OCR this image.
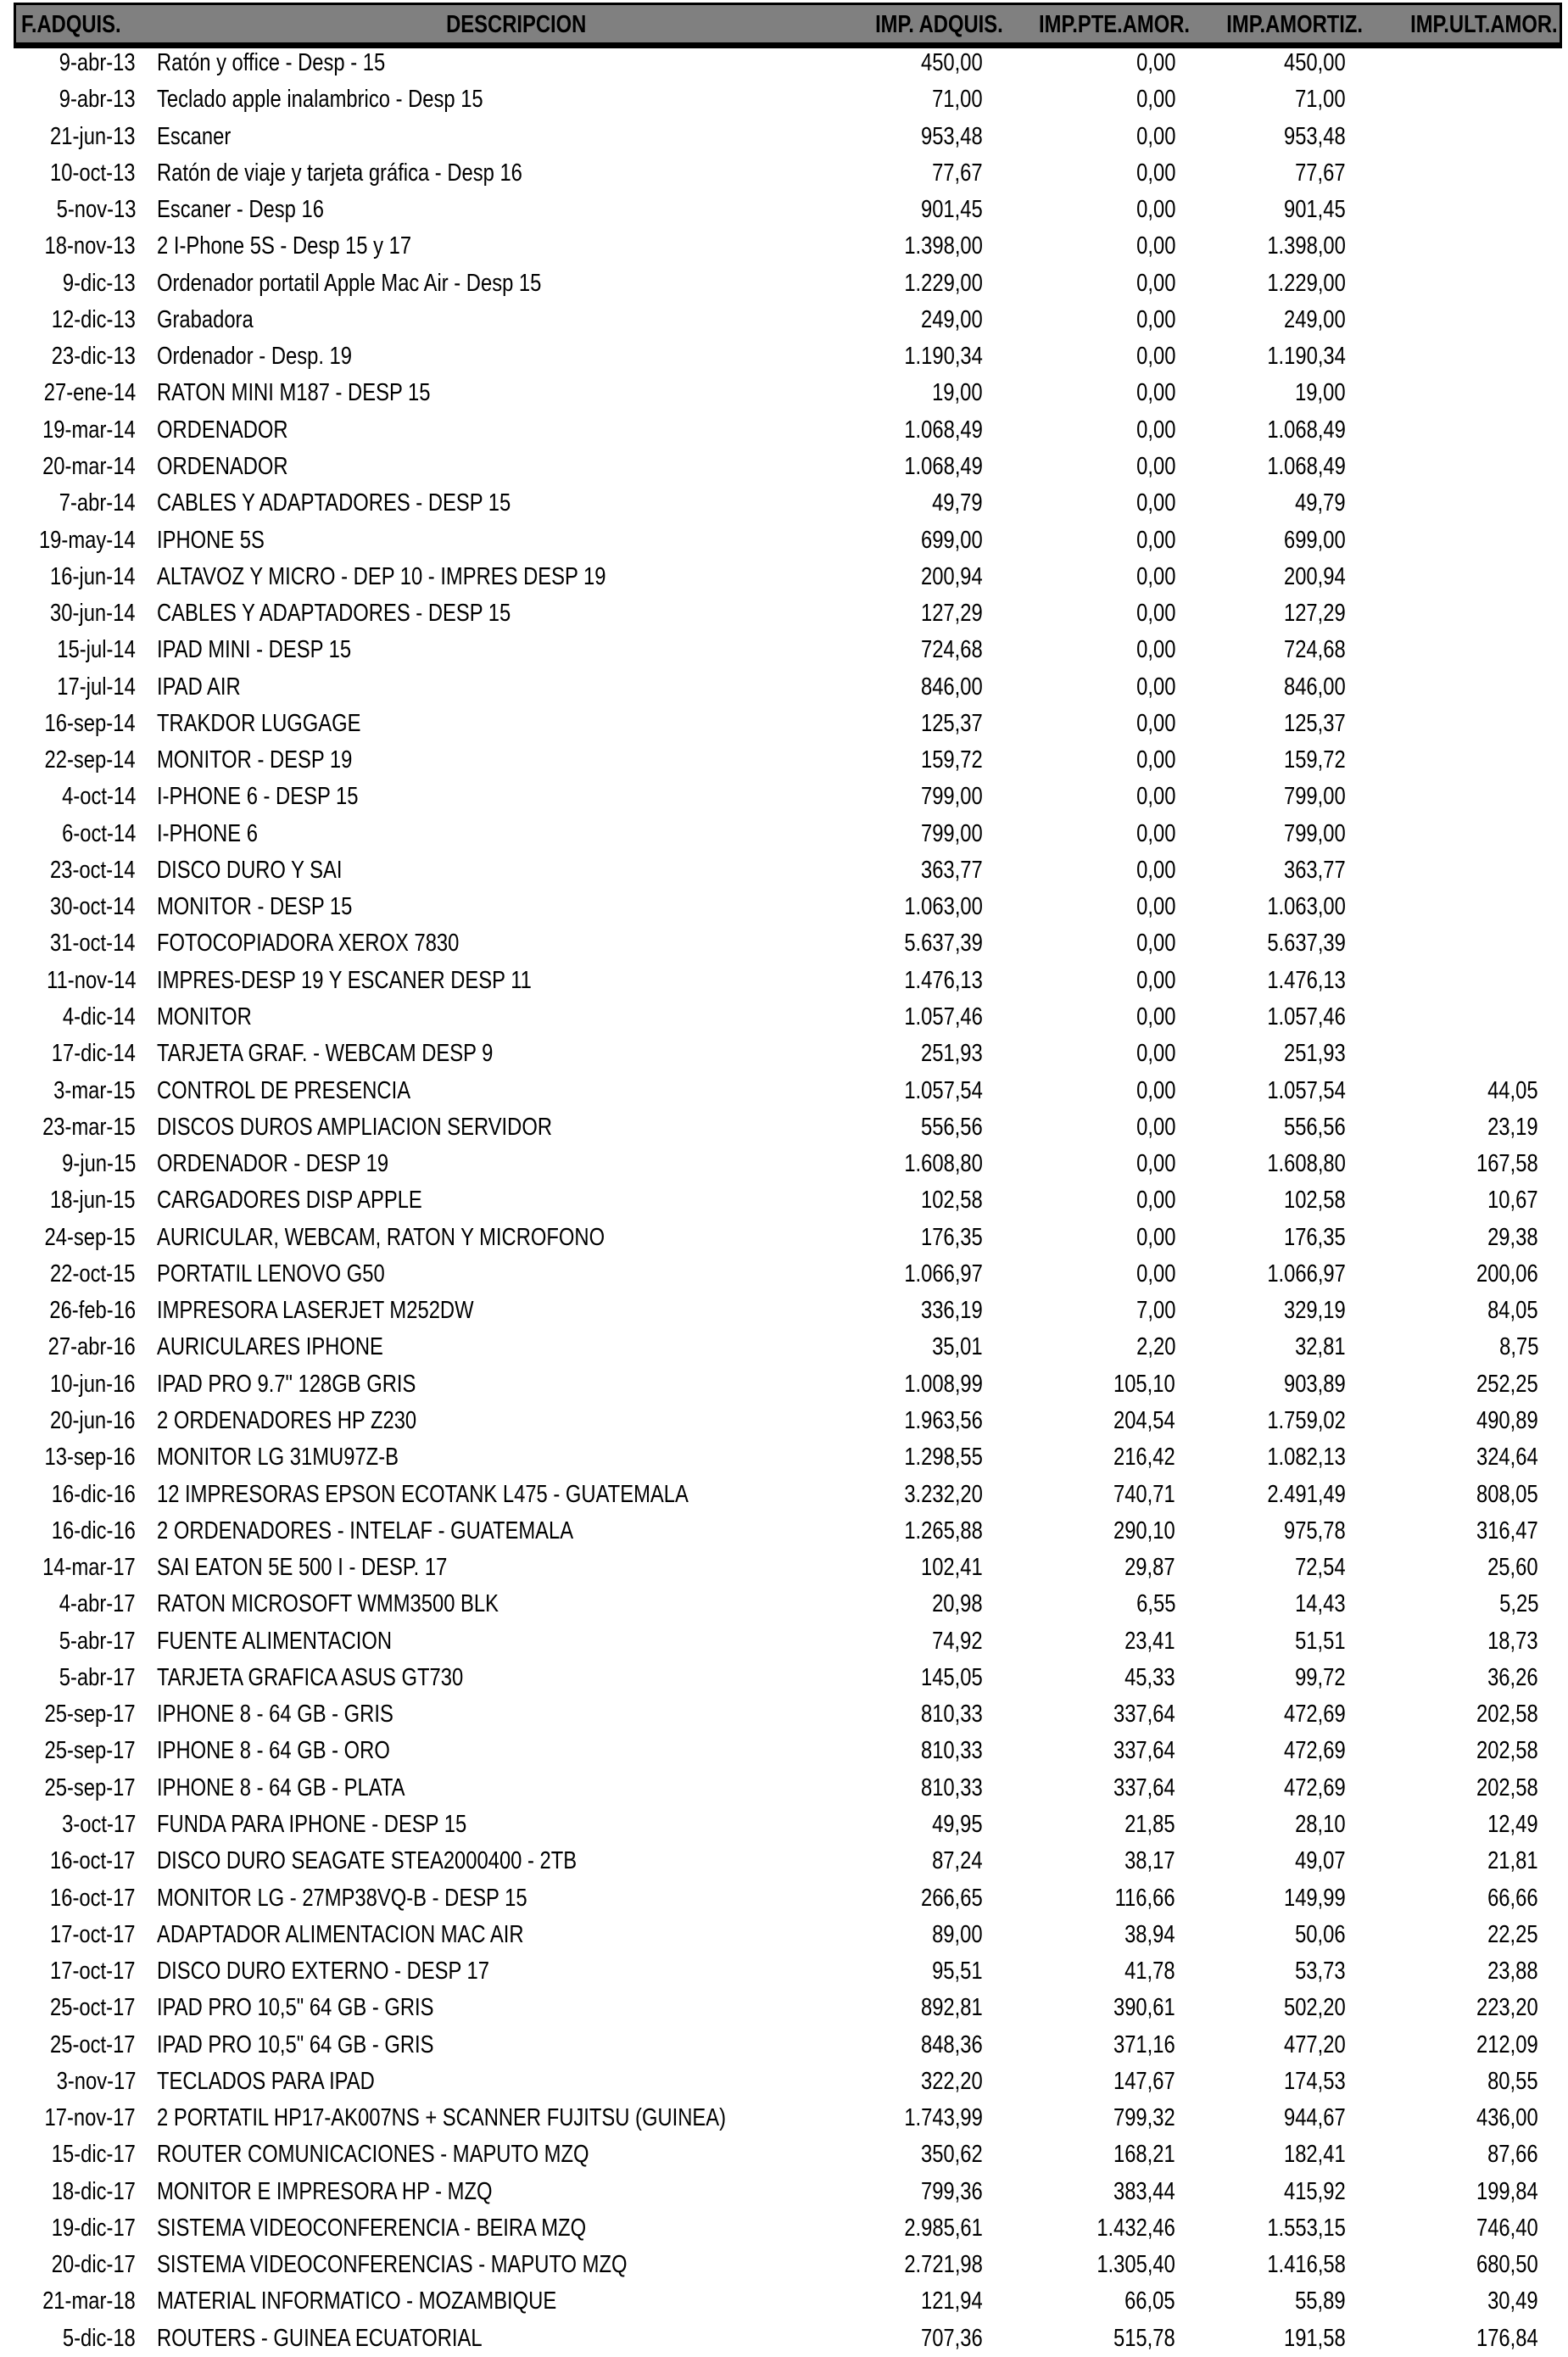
F.ADQUIS.	DESCRIPCION	IMP. ADQUIS.	IMP.PTE.AMOR.	IMP.AMORTIZ.	IMP.ULT.AMOR.
9-abr-13 Ratón y office - Desp - 15	450,00	0,00	450,00
9-abr-13 Teclado apple inalambrico - Desp 15	71,00	0,00	71,00
21-jun-13 Escaner	953,48	0,00	953,48
10-oct-13 Ratón de viaje y tarjeta gráfica - Desp 16	77,67	0,00	77,67
5-nov-13 Escaner - Desp 16	901,45	0,00	901,45
18-nov-13 2 I-Phone 5S - Desp 15 y 17	1.398,00	0,00	1.398,00
9-dic-13 Ordenador portatil Apple Mac Air - Desp 15	1.229,00	0,00	1.229,00
12-dic-13 Grabadora	249,00	0,00	249,00
23-dic-13 Ordenador - Desp. 19	1.190,34	0,00	1.190,34
27-ene-14 RATON MINI M187 - DESP 15	19,00	0,00	19,00
19-mar-14 ORDENADOR	1.068,49	0,00	1.068,49
20-mar-14 ORDENADOR	1.068,49	0,00	1.068,49
7-abr-14 CABLES Y ADAPTADORES - DESP 15	49,79	0,00	49,79
19-may-14 IPHONE 5S	699,00	0,00	699,00
16-jun-14 ALTAVOZ Y MICRO - DEP 10 - IMPRES DESP 19	200,94	0,00	200,94
30-jun-14 CABLES Y ADAPTADORES - DESP 15	127,29	0,00	127,29
15-jul-14 IPAD MINI - DESP 15	724,68	0,00	724,68
17-jul-14 IPAD AIR	846,00	0,00	846,00
16-sep-14 TRAKDOR LUGGAGE	125,37	0,00	125,37
22-sep-14 MONITOR - DESP 19	159,72	0,00	159,72
4-oct-14 I-PHONE 6 - DESP 15	799,00	0,00	799,00
6-oct-14 I-PHONE 6	799,00	0,00	799,00
23-oct-14 DISCO DURO Y SAI	363,77	0,00	363,77
30-oct-14 MONITOR - DESP 15	1.063,00	0,00	1.063,00
31-oct-14 FOTOCOPIADORA XEROX 7830	5.637,39	0,00	5.637,39
11-nov-14 IMPRES-DESP 19 Y ESCANER DESP 11	1.476,13	0,00	1.476,13
4-dic-14 MONITOR	1.057,46	0,00	1.057,46
17-dic-14 TARJETA GRAF. - WEBCAM DESP 9	251,93	0,00	251,93
3-mar-15 CONTROL DE PRESENCIA	1.057,54	0,00	1.057,54	44,05
23-mar-15 DISCOS DUROS AMPLIACION SERVIDOR	556,56	0,00	556,56	23,19
9-jun-15 ORDENADOR - DESP 19	1.608,80	0,00	1.608,80	167,58
18-jun-15 CARGADORES DISP APPLE	102,58	0,00	102,58	10,67
24-sep-15 AURICULAR, WEBCAM, RATON Y MICROFONO	176,35	0,00	176,35	29,38
22-oct-15 PORTATIL LENOVO G50	1.066,97	0,00	1.066,97	200,06
26-feb-16 IMPRESORA LASERJET M252DW	336,19	7,00	329,19	84,05
27-abr-16 AURICULARES IPHONE	35,01	2,20	32,81	8,75
10-jun-16 IPAD PRO 9.7" 128GB GRIS	1.008,99	105,10	903,89	252,25
20-jun-16 2 ORDENADORES HP Z230	1.963,56	204,54	1.759,02	490,89
13-sep-16 MONITOR LG 31MU97Z-B	1.298,55	216,42	1.082,13	324,64
16-dic-16 12 IMPRESORAS EPSON ECOTANK L475 - GUATEMALA	3.232,20	740,71	2.491,49	808,05
16-dic-16 2 ORDENADORES - INTELAF - GUATEMALA	1.265,88	290,10	975,78	316,47
14-mar-17 SAI EATON 5E 500 I - DESP. 17	102,41	29,87	72,54	25,60
4-abr-17 RATON MICROSOFT WMM3500 BLK	20,98	6,55	14,43	5,25
5-abr-17 FUENTE ALIMENTACION	74,92	23,41	51,51	18,73
5-abr-17 TARJETA GRAFICA ASUS GT730	145,05	45,33	99,72	36,26
25-sep-17 IPHONE 8 - 64 GB - GRIS	810,33	337,64	472,69	202,58
25-sep-17 IPHONE 8 - 64 GB - ORO	810,33	337,64	472,69	202,58
25-sep-17 IPHONE 8 - 64 GB - PLATA	810,33	337,64	472,69	202,58
3-oct-17 FUNDA PARA IPHONE - DESP 15	49,95	21,85	28,10	12,49
16-oct-17 DISCO DURO SEAGATE STEA2000400 - 2TB	87,24	38,17	49,07	21,81
16-oct-17 MONITOR LG - 27MP38VQ-B - DESP 15	266,65	116,66	149,99	66,66
17-oct-17 ADAPTADOR ALIMENTACION MAC AIR	89,00	38,94	50,06	22,25
17-oct-17 DISCO DURO EXTERNO - DESP 17	95,51	41,78	53,73	23,88
25-oct-17 IPAD PRO 10,5" 64 GB - GRIS	892,81	390,61	502,20	223,20
25-oct-17 IPAD PRO 10,5" 64 GB - GRIS	848,36	371,16	477,20	212,09
3-nov-17 TECLADOS PARA IPAD	322,20	147,67	174,53	80,55
17-nov-17 2 PORTATIL HP17-AK007NS + SCANNER FUJITSU (GUINEA)	1.743,99	799,32	944,67	436,00
15-dic-17 ROUTER COMUNICACIONES - MAPUTO MZQ	350,62	168,21	182,41	87,66
18-dic-17 MONITOR E IMPRESORA HP - MZQ	799,36	383,44	415,92	199,84
19-dic-17 SISTEMA VIDEOCONFERENCIA - BEIRA MZQ	2.985,61	1.432,46	1.553,15	746,40
20-dic-17 SISTEMA VIDEOCONFERENCIAS - MAPUTO MZQ	2.721,98	1.305,40	1.416,58	680,50
21-mar-18 MATERIAL INFORMATICO - MOZAMBIQUE	121,94	66,05	55,89	30,49
5-dic-18 ROUTERS - GUINEA ECUATORIAL	707,36	515,78	191,58	176,84
